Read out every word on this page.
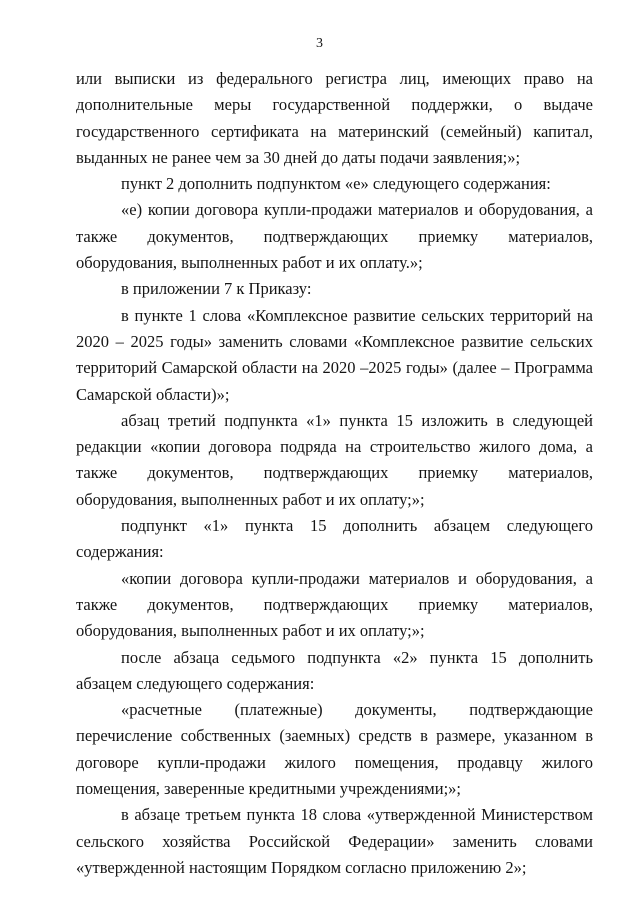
3

или выписки из федерального регистра лиц, имеющих право на дополнительные меры государственной поддержки, о выдаче государственного сертификата на материнский (семейный) капитал, выданных не ранее чем за 30 дней до даты подачи заявления;»;

пункт 2 дополнить подпунктом «е» следующего содержания:

«е) копии договора купли-продажи материалов и оборудования, а также документов, подтверждающих приемку материалов, оборудования, выполненных работ и их оплату.»;

в приложении 7 к Приказу:

в пункте 1 слова «Комплексное развитие сельских территорий на 2020 – 2025 годы» заменить словами «Комплексное развитие сельских территорий Самарской области на 2020 –2025 годы» (далее – Программа Самарской области)»;

абзац третий подпункта «1» пункта 15 изложить в следующей редакции «копии договора подряда на строительство жилого дома, а также документов, подтверждающих приемку материалов, оборудования, выполненных работ и их оплату;»;

подпункт «1» пункта 15 дополнить абзацем следующего содержания:

«копии договора купли-продажи материалов и оборудования, а также документов, подтверждающих приемку материалов, оборудования, выполненных работ и их оплату;»;

после абзаца седьмого подпункта «2» пункта 15 дополнить абзацем следующего содержания:

«расчетные (платежные) документы, подтверждающие перечисление собственных (заемных) средств в размере, указанном в договоре купли-продажи жилого помещения, продавцу жилого помещения, заверенные кредитными учреждениями;»;

в абзаце третьем пункта 18 слова «утвержденной Министерством сельского хозяйства Российской Федерации» заменить словами «утвержденной настоящим Порядком согласно приложению 2»;
